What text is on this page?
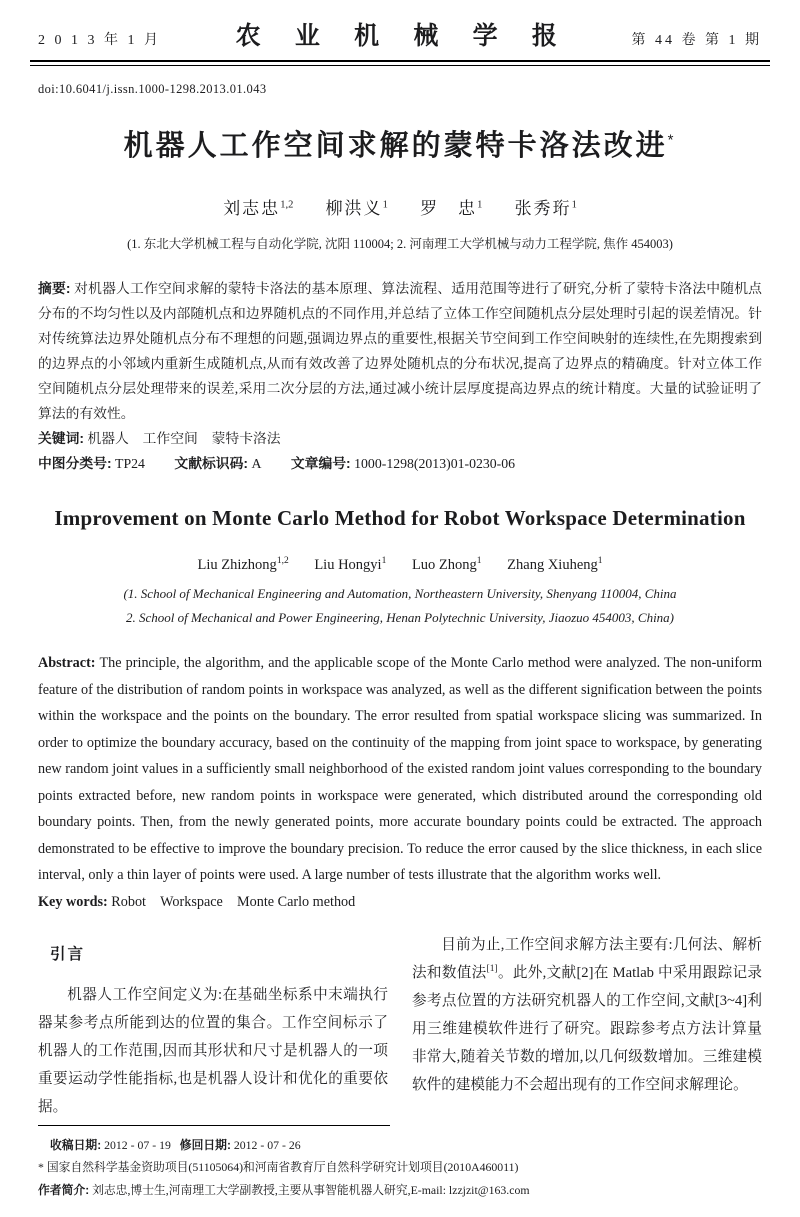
2 0 1 3 年 1 月	农 业 机 械 学 报	第 44 卷 第 1 期
doi:10.6041/j.issn.1000-1298.2013.01.043
机器人工作空间求解的蒙特卡洛法改进*
刘志忠$^{1,2}$ 柳洪义$^1$ 罗　忠$^1$ 张秀珩$^1$
(1. 东北大学机械工程与自动化学院, 沈阳 110004; 2. 河南理工大学机械与动力工程学院, 焦作 454003)
摘要: 对机器人工作空间求解的蒙特卡洛法的基本原理、算法流程、适用范围等进行了研究,分析了蒙特卡洛法中随机点分布的不均匀性以及内部随机点和边界随机点的不同作用,并总结了立体工作空间随机点分层处理时引起的误差情况。针对传统算法边界处随机点分布不理想的问题,强调边界点的重要性,根据关节空间到工作空间映射的连续性,在先期搜索到的边界点的小邻域内重新生成随机点,从而有效改善了边界处随机点的分布状况,提高了边界点的精确度。针对立体工作空间随机点分层处理带来的误差,采用二次分层的方法,通过减小统计层厚度提高边界点的统计精度。大量的试验证明了算法的有效性。
关键词: 机器人　工作空间　蒙特卡洛法
中图分类号: TP24 文献标识码: A 文章编号: 1000-1298(2013)01-0230-06
Improvement on Monte Carlo Method for Robot Workspace Determination
Liu Zhizhong$^{1,2}$ Liu Hongyi$^1$ Luo Zhong$^1$ Zhang Xiuheng$^1$
(1. School of Mechanical Engineering and Automation, Northeastern University, Shenyang 110004, China
2. School of Mechanical and Power Engineering, Henan Polytechnic University, Jiaozuo 454003, China)
Abstract: The principle, the algorithm, and the applicable scope of the Monte Carlo method were analyzed. The non-uniform feature of the distribution of random points in workspace was analyzed, as well as the different signification between the points within the workspace and the points on the boundary. The error resulted from spatial workspace slicing was summarized. In order to optimize the boundary accuracy, based on the continuity of the mapping from joint space to workspace, by generating new random joint values in a sufficiently small neighborhood of the existed random joint values corresponding to the boundary points extracted before, new random points in workspace were generated, which distributed around the corresponding old boundary points. Then, from the newly generated points, more accurate boundary points could be extracted. The approach demonstrated to be effective to improve the boundary precision. To reduce the error caused by the slice thickness, in each slice interval, only a thin layer of points were used. A large number of tests illustrate that the algorithm works well.
Key words: Robot Workspace Monte Carlo method
引言

机器人工作空间定义为:在基础坐标系中末端执行器某参考点所能到达的位置的集合。工作空间标示了机器人的工作范围,因而其形状和尺寸是机器人的一项重要运动学性能指标,也是机器人设计和优化的重要依据。

目前为止,工作空间求解方法主要有:几何法、解析法和数值法[1]。此外,文献[2]在 Matlab 中采用跟踪记录参考点位置的方法研究机器人的工作空间,文献[3~4]利用三维建模软件进行了研究。跟踪参考点方法计算量非常大,随着关节数的增加,以几何级数增加。三维建模软件的建模能力不会超出现有的工作空间求解理论。

收稿日期: 2012 - 07 - 19 修回日期: 2012 - 07 - 26
* 国家自然科学基金资助项目(51105064)和河南省教育厅自然科学研究计划项目(2010A460011)
作者简介: 刘志忠,博士生,河南理工大学副教授,主要从事智能机器人研究,E-mail: lzzjzit@163.com
